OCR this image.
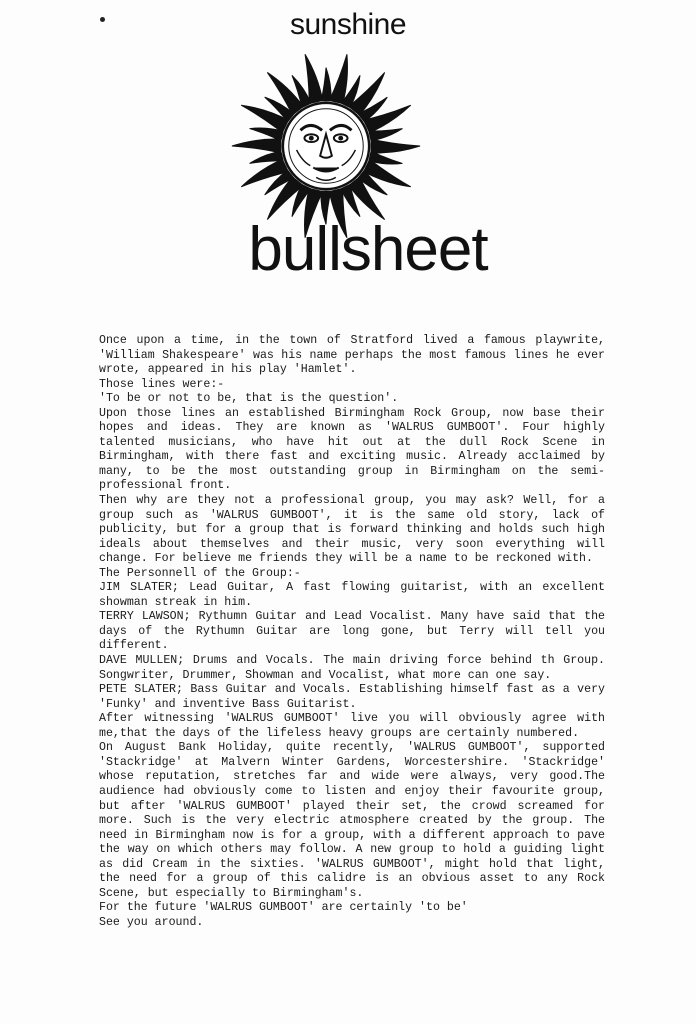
sunshine
bullsheet

Once upon a time, in the town of Stratford lived a famous playwrite, 'William Shakespeare' was his name perhaps the most famous lines he ever wrote, appeared in his play 'Hamlet'.

Those lines were:-

'To be or not to be, that is the question'.

Upon those lines an established Birmingham Rock Group, now base their hopes and ideas. They are known as 'WALRUS GUMBOOT'. Four highly talented musicians, who have hit out at the dull Rock Scene in Birmingham, with there fast and exciting music. Already acclaimed by many, to be the most outstanding group in Birmingham on the semi-professional front.

Then why are they not a professional group, you may ask? Well, for a group such as 'WALRUS GUMBOOT', it is the same old story, lack of publicity, but for a group that is forward thinking and holds such high ideals about themselves and their music, very soon everything will change. For believe me friends they will be a name to be reckoned with.

The Personnell of the Group:-

JIM SLATER; Lead Guitar, A fast flowing guitarist, with an excellent showman streak in him.

TERRY LAWSON; Rythumn Guitar and Lead Vocalist. Many have said that the days of the Rythumn Guitar are long gone, but Terry will tell you different.

DAVE MULLEN; Drums and Vocals. The main driving force behind th Group. Songwriter, Drummer, Showman and Vocalist, what more can one say.

PETE SLATER; Bass Guitar and Vocals. Establishing himself fast as a very 'Funky' and inventive Bass Guitarist.

After witnessing 'WALRUS GUMBOOT' live you will obviously agree with me,that the days of the lifeless heavy groups are certainly numbered.

On August Bank Holiday, quite recently, 'WALRUS GUMBOOT', supported 'Stackridge' at Malvern Winter Gardens, Worcestershire. 'Stackridge' whose reputation, stretches far and wide were always, very good.The audience had obviously come to listen and enjoy their favourite group, but after 'WALRUS GUMBOOT' played their set, the crowd screamed for more. Such is the very electric atmosphere created by the group. The need in Birmingham now is for a group, with a different approach to pave the way on which others may follow. A new group to hold a guiding light as did Cream in the sixties. 'WALRUS GUMBOOT', might hold that light, the need for a group of this calidre is an obvious asset to any Rock Scene, but especially to Birmingham's.

For the future 'WALRUS GUMBOOT' are certainly 'to be'

See you around.
